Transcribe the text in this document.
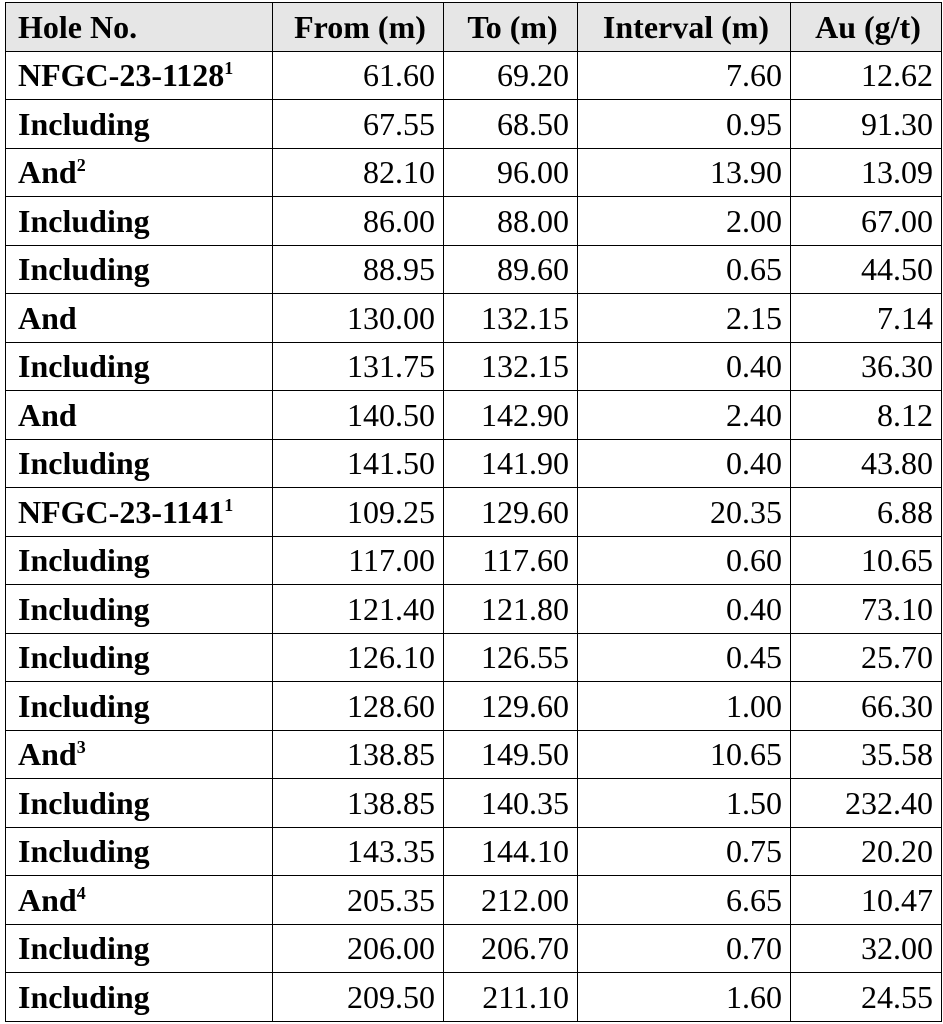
Hole No.	From (m)	To (m)	Interval (m)	Au (g/t)
NFGC-23-1128$^1$	61.60	69.20	7.60	12.62
Including	67.55	68.50	0.95	91.30
And$^2$	82.10	96.00	13.90	13.09
Including	86.00	88.00	2.00	67.00
Including	88.95	89.60	0.65	44.50
And	130.00	132.15	2.15	7.14
Including	131.75	132.15	0.40	36.30
And	140.50	142.90	2.40	8.12
Including	141.50	141.90	0.40	43.80
NFGC-23-1141$^1$	109.25	129.60	20.35	6.88
Including	117.00	117.60	0.60	10.65
Including	121.40	121.80	0.40	73.10
Including	126.10	126.55	0.45	25.70
Including	128.60	129.60	1.00	66.30
And$^3$	138.85	149.50	10.65	35.58
Including	138.85	140.35	1.50	232.40
Including	143.35	144.10	0.75	20.20
And$^4$	205.35	212.00	6.65	10.47
Including	206.00	206.70	0.70	32.00
Including	209.50	211.10	1.60	24.55
